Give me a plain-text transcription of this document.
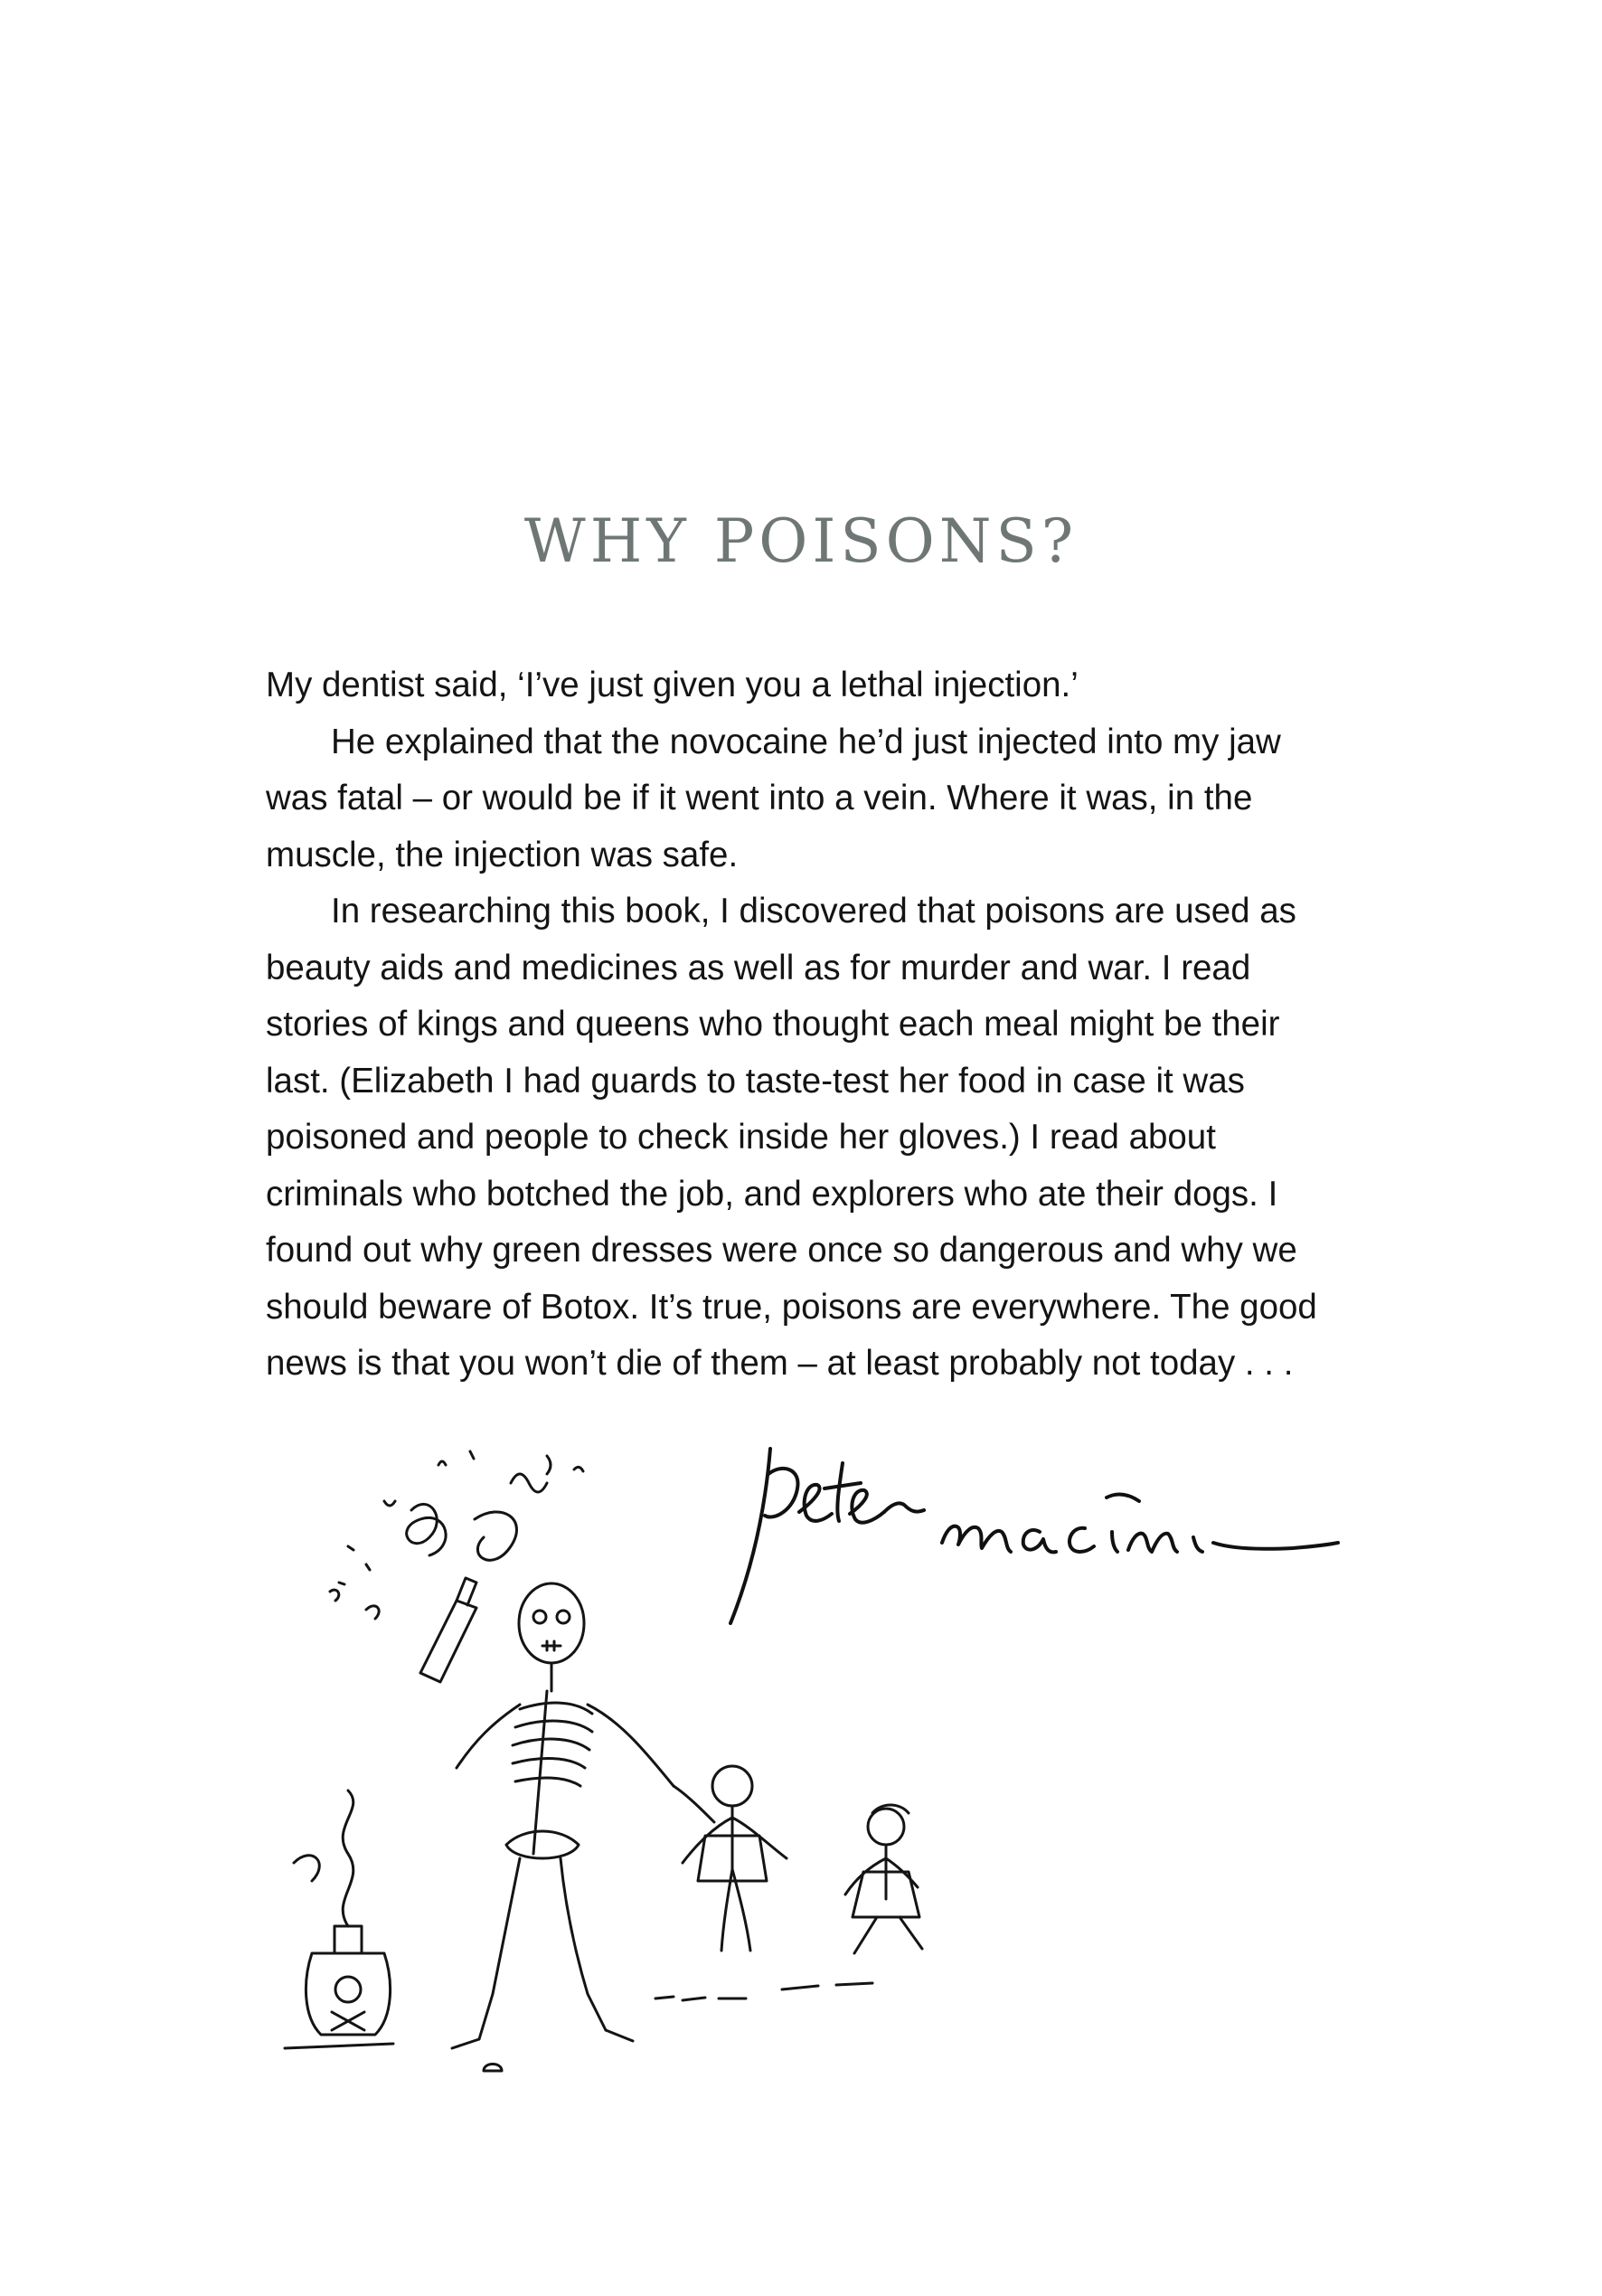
WHY POISONS?

My dentist said, ‘I’ve just given you a lethal injection.’

He explained that the novocaine he’d just injected into my jaw was fatal – or would be if it went into a vein. Where it was, in the muscle, the injection was safe.

In researching this book, I discovered that poisons are used as beauty aids and medicines as well as for murder and war. I read stories of kings and queens who thought each meal might be their last. (Elizabeth I had guards to taste-test her food in case it was poisoned and people to check inside her gloves.) I read about criminals who botched the job, and explorers who ate their dogs. I found out why green dresses were once so dangerous and why we should beware of Botox. It’s true, poisons are everywhere. The good news is that you won’t die of them – at least probably not today . . .
